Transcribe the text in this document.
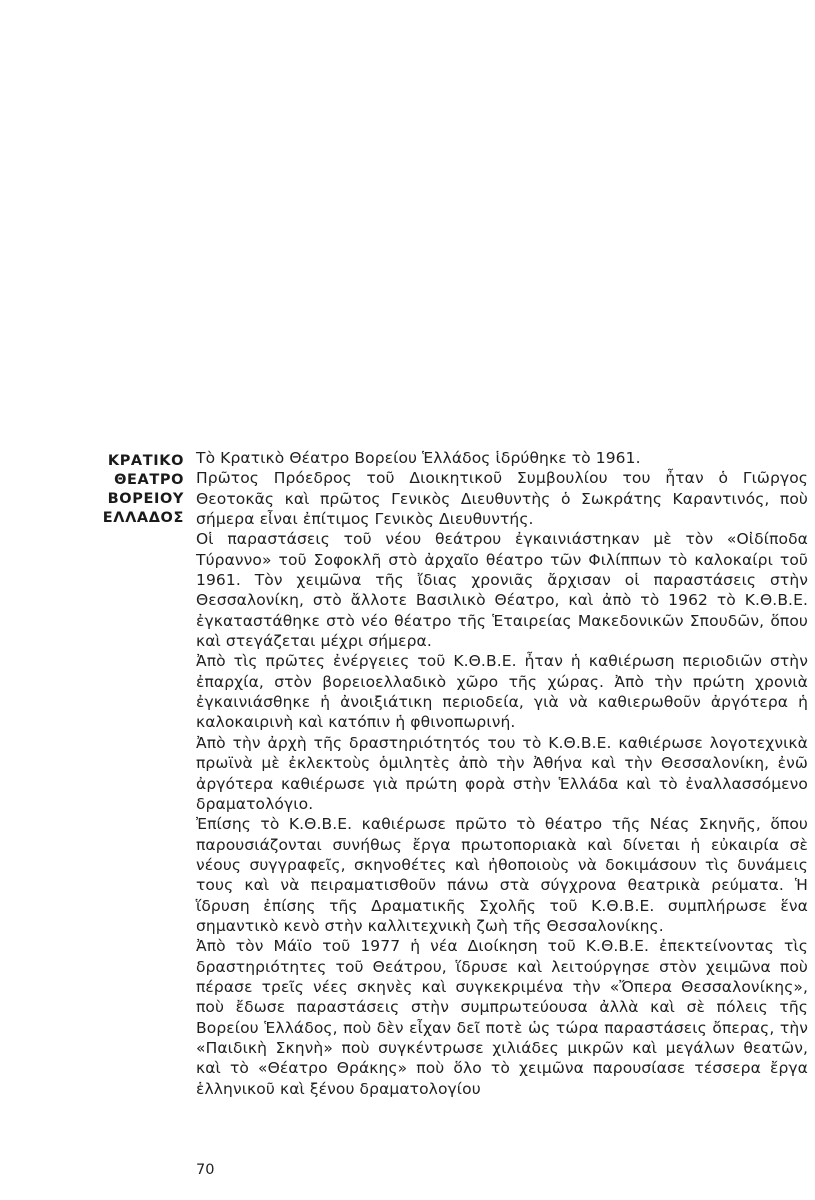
ΚΡΑΤΙΚΟ
ΘΕΑΤΡΟ
ΒΟΡΕΙΟΥ
ΕΛΛΑΔΟΣ

Τὸ Κρατικὸ Θέατρο Βορείου Ἑλλάδος ἱδρύθηκε τὸ 1961.

Πρῶτος Πρόεδρος τοῦ Διοικητικοῦ Συμβουλίου του ἦταν ὁ Γιῶργος Θεοτοκᾶς καὶ πρῶτος Γενικὸς Διευθυντὴς ὁ Σωκράτης Καραντινός, ποὺ σήμερα εἶναι ἐπίτιμος Γενικὸς Διευθυντής.

Οἱ παραστάσεις τοῦ νέου θεάτρου ἐγκαινιάστηκαν μὲ τὸν «Οἰδίποδα Τύραννο» τοῦ Σοφοκλῆ στὸ ἀρχαῖο θέατρο τῶν Φιλίππων τὸ καλοκαίρι τοῦ 1961. Τὸν χειμῶνα τῆς ἴδιας χρονιᾶς ἄρχισαν οἱ παραστάσεις στὴν Θεσσαλονίκη, στὸ ἄλλοτε Βασιλικὸ Θέατρο, καὶ ἀπὸ τὸ 1962 τὸ Κ.Θ.Β.Ε. ἐγκαταστάθηκε στὸ νέο θέατρο τῆς Ἑταιρείας Μακεδονικῶν Σπουδῶν, ὅπου καὶ στεγάζεται μέχρι σήμερα.

Ἀπὸ τὶς πρῶτες ἐνέργειες τοῦ Κ.Θ.Β.Ε. ἦταν ἡ καθιέρωση περιοδιῶν στὴν ἐπαρχία, στὸν βορειοελλαδικὸ χῶρο τῆς χώρας. Ἀπὸ τὴν πρώτη χρονιὰ ἐγκαινιάσθηκε ἡ ἀνοιξιάτικη περιοδεία, γιὰ νὰ καθιερωθοῦν ἀργότερα ἡ καλοκαιρινὴ καὶ κατόπιν ἡ φθινοπωρινή.

Ἀπὸ τὴν ἀρχὴ τῆς δραστηριότητός του τὸ Κ.Θ.Β.Ε. καθιέρωσε λογοτεχνικὰ πρωϊνὰ μὲ ἐκλεκτοὺς ὁμιλητὲς ἀπὸ τὴν Ἀθήνα καὶ τὴν Θεσσαλονίκη, ἐνῶ ἀργότερα καθιέρωσε γιὰ πρώτη φορὰ στὴν Ἑλλάδα καὶ τὸ ἐναλλασσόμενο δραματολόγιο.

Ἐπίσης τὸ Κ.Θ.Β.Ε. καθιέρωσε πρῶτο τὸ θέατρο τῆς Νέας Σκηνῆς, ὅπου παρουσιάζονται συνήθως ἔργα πρωτοποριακὰ καὶ δίνεται ἡ εὐκαιρία σὲ νέους συγγραφεῖς, σκηνοθέτες καὶ ἠθοποιοὺς νὰ δοκιμάσουν τὶς δυνάμεις τους καὶ νὰ πειραματισθοῦν πάνω στὰ σύγχρονα θεατρικὰ ρεύματα. Ἡ ἵδρυση ἐπίσης τῆς Δραματικῆς Σχολῆς τοῦ Κ.Θ.Β.Ε. συμπλήρωσε ἕνα σημαντικὸ κενὸ στὴν καλλιτεχνικὴ ζωὴ τῆς Θεσσαλονίκης.

Ἀπὸ τὸν Μάϊο τοῦ 1977 ἡ νέα Διοίκηση τοῦ Κ.Θ.Β.Ε. ἐπεκτείνοντας τὶς δραστηριότητες τοῦ Θεάτρου, ἵδρυσε καὶ λειτούργησε στὸν χειμῶνα ποὺ πέρασε τρεῖς νέες σκηνὲς καὶ συγκεκριμένα τὴν «Ὄπερα Θεσσαλονίκης», ποὺ ἔδωσε παραστάσεις στὴν συμπρωτεύουσα ἀλλὰ καὶ σὲ πόλεις τῆς Βορείου Ἑλλάδος, ποὺ δὲν εἶχαν δεῖ ποτὲ ὡς τώρα παραστάσεις ὄπερας, τὴν «Παιδικὴ Σκηνὴ» ποὺ συγκέντρωσε χιλιάδες μικρῶν καὶ μεγάλων θεατῶν, καὶ τὸ «Θέατρο Θράκης» ποὺ ὅλο τὸ χειμῶνα παρουσίασε τέσσερα ἔργα ἑλληνικοῦ καὶ ξένου δραματολογίου

70
